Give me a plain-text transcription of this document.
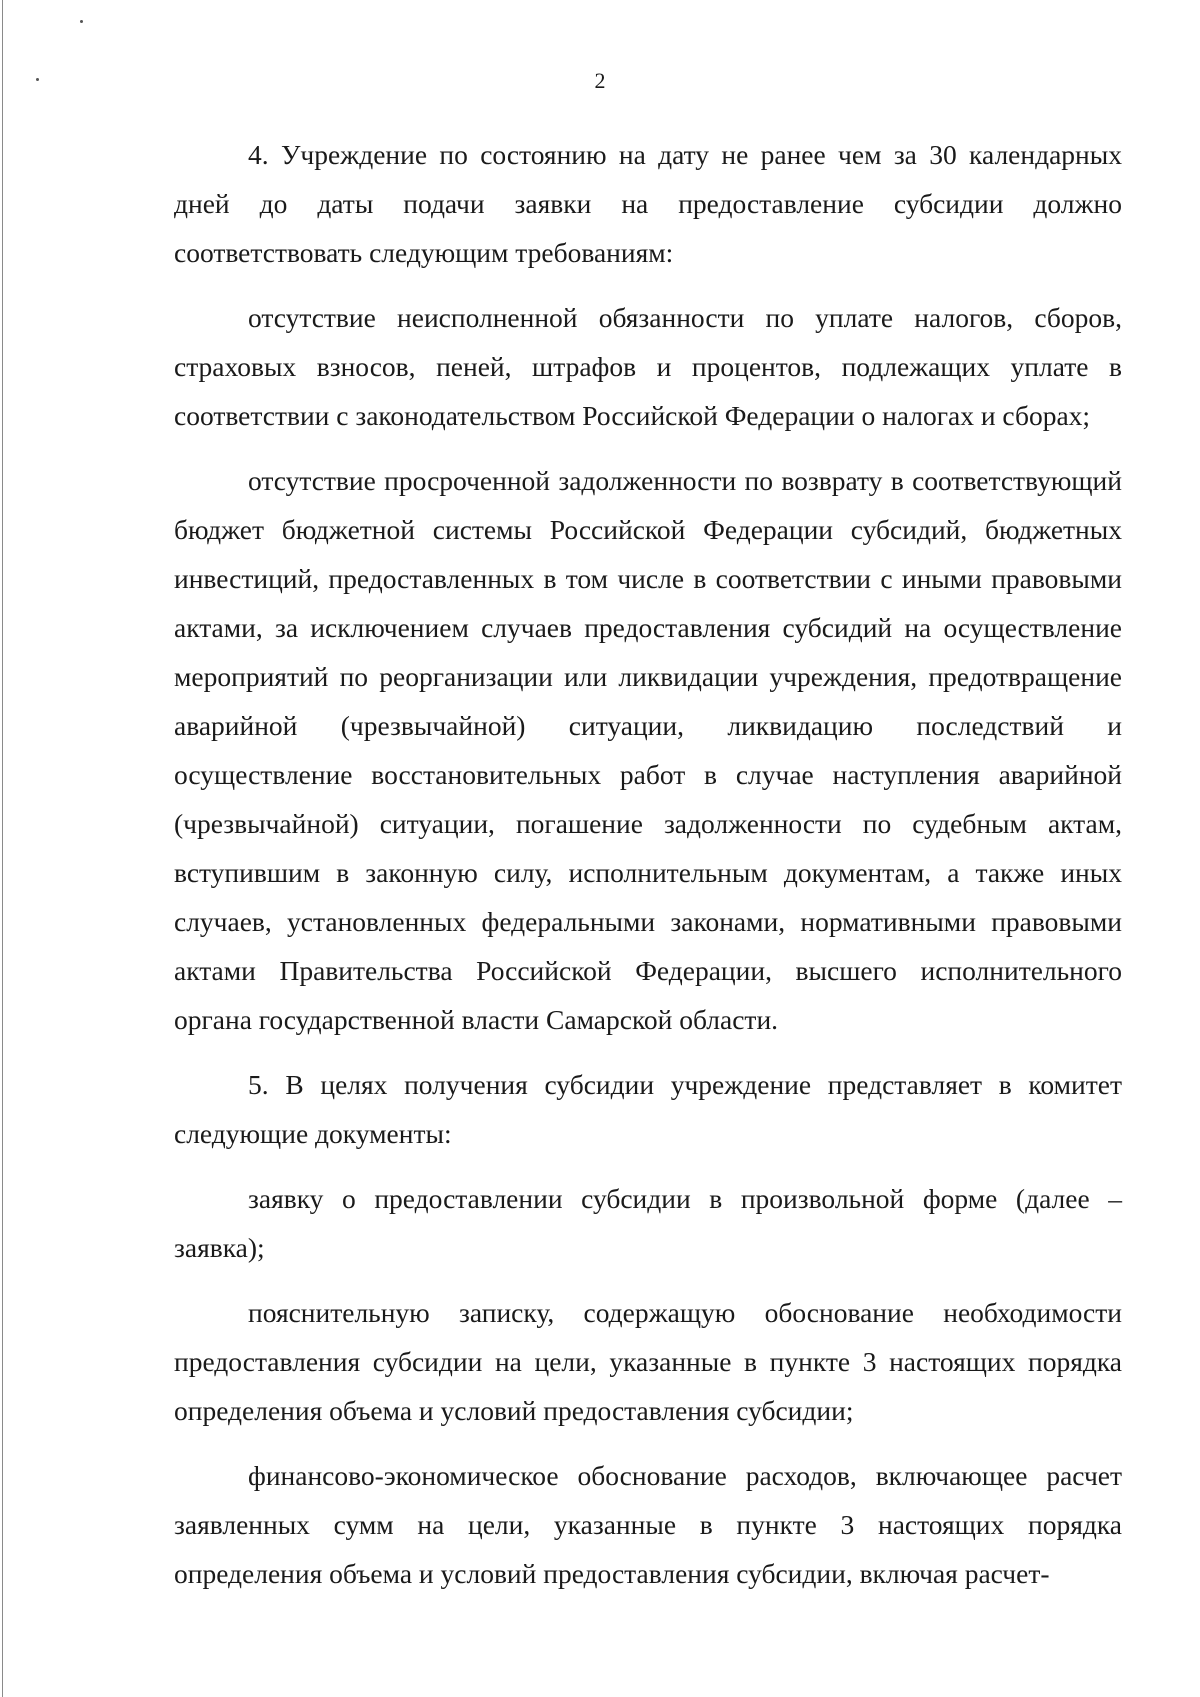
2

4. Учреждение по состоянию на дату не ранее чем за 30 календарных дней до даты подачи заявки на предоставление субсидии должно соответствовать следующим требованиям:

отсутствие неисполненной обязанности по уплате налогов, сборов, страховых взносов, пеней, штрафов и процентов, подлежащих уплате в соответствии с законодательством Российской Федерации о налогах и сборах;

отсутствие просроченной задолженности по возврату в соответствующий бюджет бюджетной системы Российской Федерации субсидий, бюджетных инвестиций, предоставленных в том числе в соответствии с иными правовыми актами, за исключением случаев предоставления субсидий на осуществление мероприятий по реорганизации или ликвидации учреждения, предотвращение аварийной (чрезвычайной) ситуации, ликвидацию последствий и осуществление восстановительных работ в случае наступления аварийной (чрезвычайной) ситуации, погашение задолженности по судебным актам, вступившим в законную силу, исполнительным документам, а также иных случаев, установленных федеральными законами, нормативными правовыми актами Правительства Российской Федерации, высшего исполнительного органа государственной власти Самарской области.

5. В целях получения субсидии учреждение представляет в комитет следующие документы:

заявку о предоставлении субсидии в произвольной форме (далее – заявка);

пояснительную записку, содержащую обоснование необходимости предоставления субсидии на цели, указанные в пункте 3 настоящих порядка определения объема и условий предоставления субсидии;

финансово-экономическое обоснование расходов, включающее расчет заявленных сумм на цели, указанные в пункте 3 настоящих порядка определения объема и условий предоставления субсидии, включая расчет-
